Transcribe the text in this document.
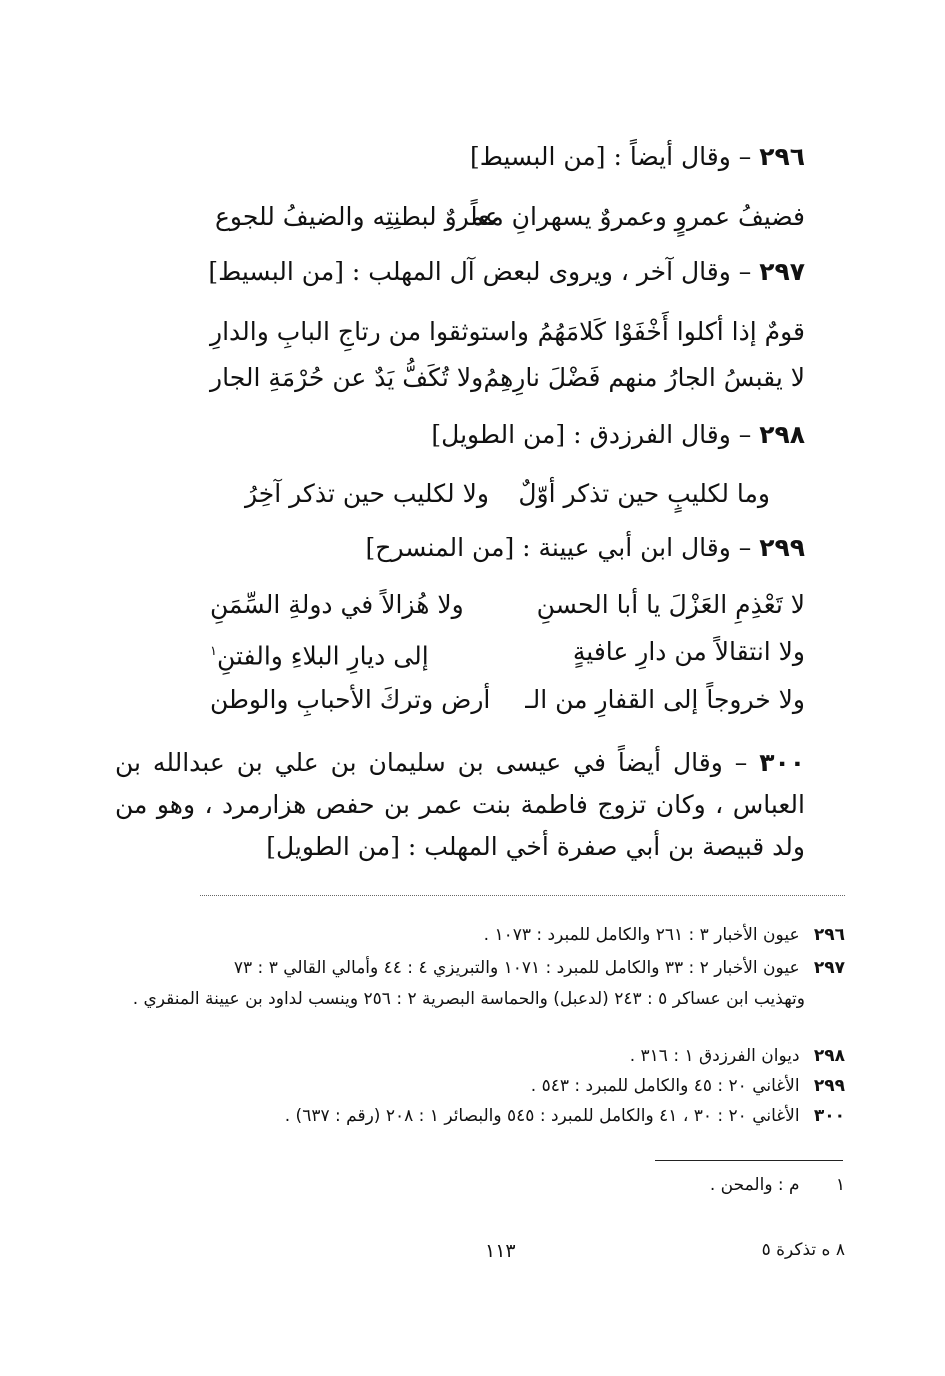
٢٩٦ – وقال أيضاً : [من البسيط]
فضيفُ عمروٍ وعمروٌ يسهرانِ معاً
عمروٌ لبطنِتِه والضيفُ للجوع
٢٩٧ – وقال آخر ، ويروى لبعض آل المهلب : [من البسيط]
قومٌ إذا أكلوا أَخْفَوْا كَلامَهُمُ
واستوثقوا من رتاجِ البابِ والدارِ
لا يقبسُ الجارُ منهم فَضْلَ نارِهِمُ
ولا تُكَفُّ يَدٌ عن حُرْمَةِ الجار
٢٩٨ – وقال الفرزدق : [من الطويل]
وما لكليبٍ حين تذكر أوّلٌ
ولا لكليب حين تذكر آخِرُ
٢٩٩ – وقال ابن أبي عيينة : [من المنسرح]
لا تَعْذِمِ العَزْلَ يا أبا الحسنِ
ولا هُزالاً في دولةِ السِّمَنِ
ولا انتقالاً من دارِ عافيةٍ
إلى ديارِ البلاءِ والفتنِ$^١$
ولا خروجاً إلى القفارِ من الـ
أرض وتركَ الأحبابِ والوطن
٣٠٠ – وقال أيضاً في عيسى بن سليمان بن علي بن عبدالله بن العباس ، وكان تزوج فاطمة بنت عمر بن حفص هزارمرد ، وهو من ولد قبيصة بن أبي صفرة أخي المهلب : [من الطويل]
٢٩٦ عيون الأخبار ٣ : ٢٦١ والكامل للمبرد : ١٠٧٣ .
٢٩٧ عيون الأخبار ٢ : ٣٣ والكامل للمبرد : ١٠٧١ والتبريزي ٤ : ٤٤ وأمالي القالي ٣ : ٧٣
وتهذيب ابن عساكر ٥ : ٢٤٣ (لدعبل) والحماسة البصرية ٢ : ٢٥٦ وينسب لداود بن عيينة المنقري .
٢٩٨ ديوان الفرزدق ١ : ٣١٦ .
٢٩٩ الأغاني ٢٠ : ٤٥ والكامل للمبرد : ٥٤٣ .
٣٠٠ الأغاني ٢٠ : ٣٠ ، ٤١ والكامل للمبرد : ٥٤٥ والبصائر ١ : ٢٠٨ (رقم : ٦٣٧) .
١ م : والمحن .
١١٣	٨ ه تذكرة ٥
